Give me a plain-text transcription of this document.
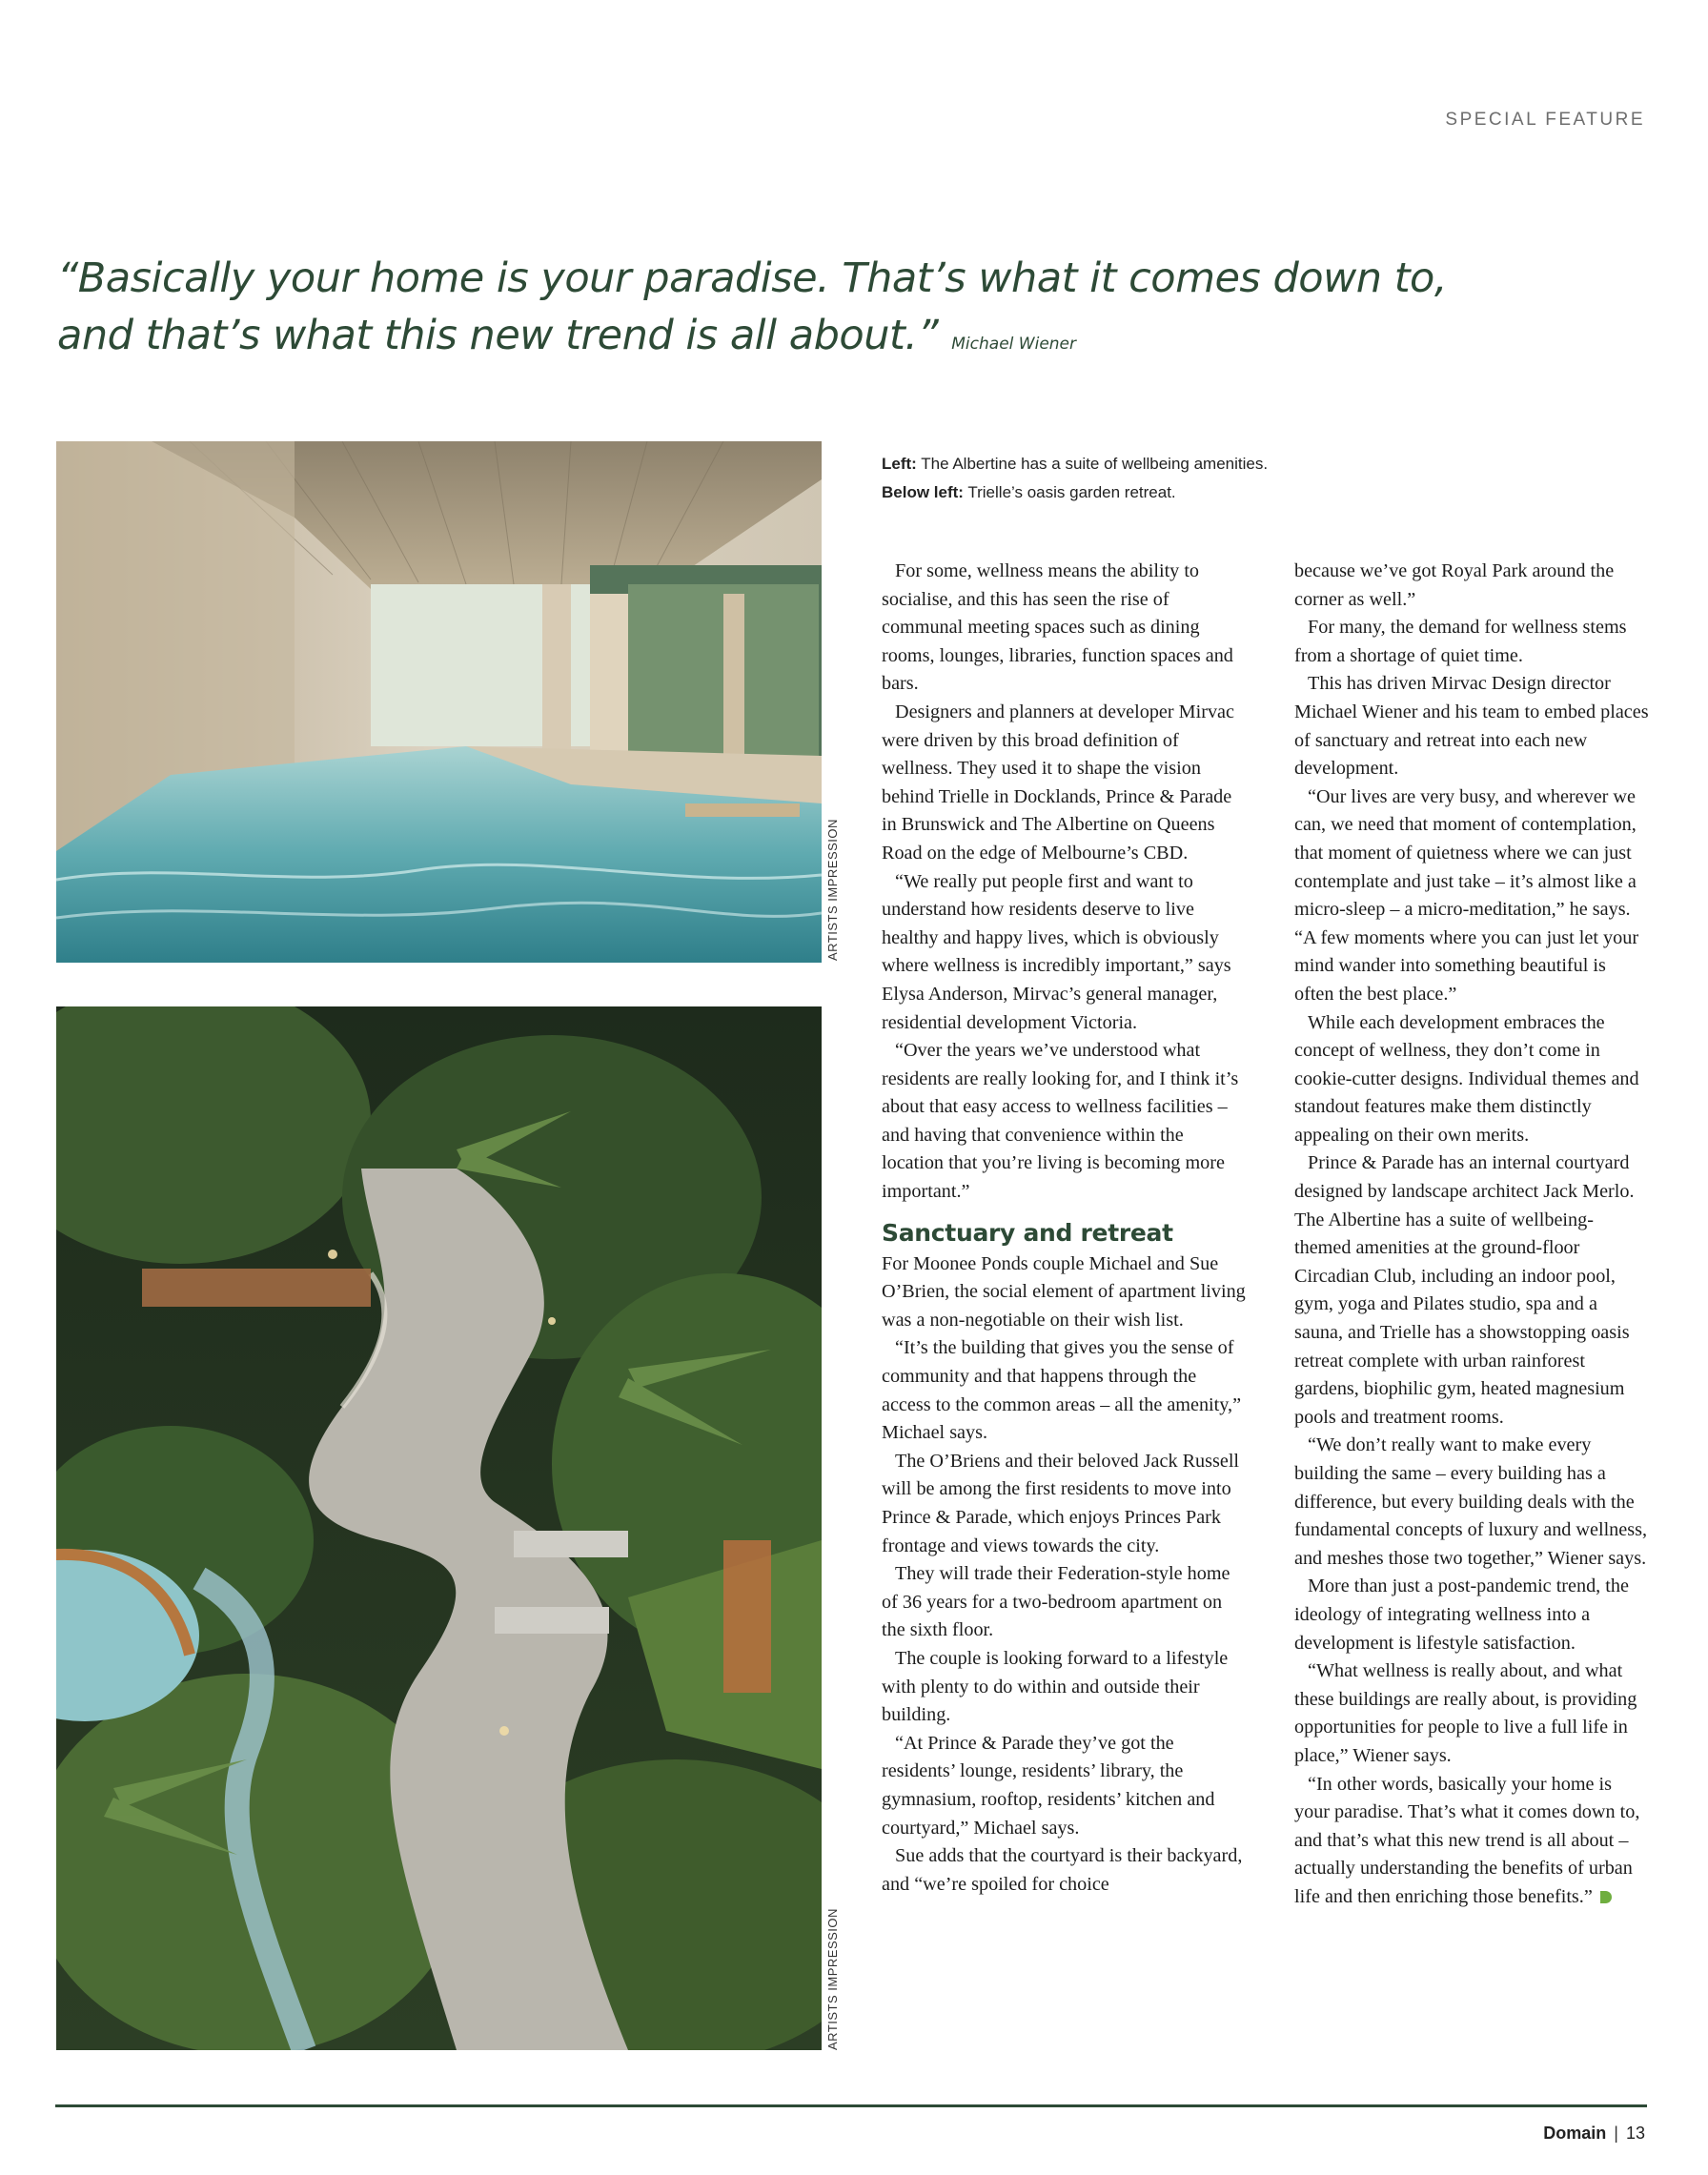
SPECIAL FEATURE
“Basically your home is your paradise. That’s what it comes down to,
and that’s what this new trend is all about.” Michael Wiener
ARTISTS IMPRESSION
ARTISTS IMPRESSION
Left: The Albertine has a suite of wellbeing amenities.
Below left: Trielle’s oasis garden retreat.

For some, wellness means the ability to socialise, and this has seen the rise of communal meeting spaces such as dining rooms, lounges, libraries, function spaces and bars.

Designers and planners at developer Mirvac were driven by this broad definition of wellness. They used it to shape the vision behind Trielle in Docklands, Prince & Parade in Brunswick and The Albertine on Queens Road on the edge of Melbourne’s CBD.

“We really put people first and want to understand how residents deserve to live healthy and happy lives, which is obviously where wellness is incredibly important,” says Elysa Anderson, Mirvac’s general manager, residential development Victoria.

“Over the years we’ve understood what residents are really looking for, and I think it’s about that easy access to wellness facilities – and having that convenience within the location that you’re living is becoming more important.”

Sanctuary and retreat

For Moonee Ponds couple Michael and Sue O’Brien, the social element of apartment living was a non-negotiable on their wish list.

“It’s the building that gives you the sense of community and that happens through the access to the common areas – all the amenity,” Michael says.

The O’Briens and their beloved Jack Russell will be among the first residents to move into Prince & Parade, which enjoys Princes Park frontage and views towards the city.

They will trade their Federation-style home of 36 years for a two-bedroom apartment on the sixth floor.

The couple is looking forward to a lifestyle with plenty to do within and outside their building.

“At Prince & Parade they’ve got the residents’ lounge, residents’ library, the gymnasium, rooftop, residents’ kitchen and courtyard,” Michael says.

Sue adds that the courtyard is their backyard, and “we’re spoiled for choice

because we’ve got Royal Park around the corner as well.”

For many, the demand for wellness stems from a shortage of quiet time.

This has driven Mirvac Design director Michael Wiener and his team to embed places of sanctuary and retreat into each new development.

“Our lives are very busy, and wherever we can, we need that moment of contemplation, that moment of quietness where we can just contemplate and just take – it’s almost like a micro-sleep – a micro-meditation,” he says. “A few moments where you can just let your mind wander into something beautiful is often the best place.”

While each development embraces the concept of wellness, they don’t come in cookie-cutter designs. Individual themes and standout features make them distinctly appealing on their own merits.

Prince & Parade has an internal courtyard designed by landscape architect Jack Merlo. The Albertine has a suite of wellbeing-themed amenities at the ground-floor Circadian Club, including an indoor pool, gym, yoga and Pilates studio, spa and a sauna, and Trielle has a showstopping oasis retreat complete with urban rainforest gardens, biophilic gym, heated magnesium pools and treatment rooms.

“We don’t really want to make every building the same – every building has a difference, but every building deals with the fundamental concepts of luxury and wellness, and meshes those two together,” Wiener says.

More than just a post-pandemic trend, the ideology of integrating wellness into a development is lifestyle satisfaction.

“What wellness is really about, and what these buildings are really about, is providing opportunities for people to live a full life in place,” Wiener says.

“In other words, basically your home is your paradise. That’s what it comes down to, and that’s what this new trend is all about – actually understanding the benefits of urban life and then enriching those benefits.”

Domain | 13
